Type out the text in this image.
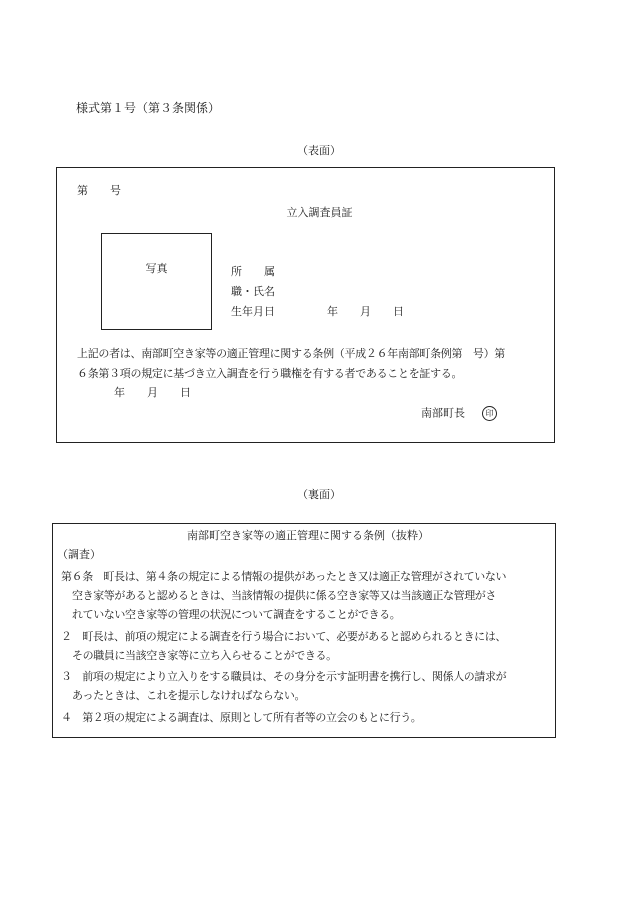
様式第１号（第３条関係）
（表面）
第　　号
立入調査員証
写真	所　　属
職・氏名
生年月日	年　　月　　日
上記の者は、南部町空き家等の適正管理に関する条例（平成２６年南部町条例第　号）第
６条第３項の規定に基づき立入調査を行う職権を有する者であることを証する。
年　　月　　日
南部町長	印
（裏面）
南部町空き家等の適正管理に関する条例（抜粋）
（調査）
第６条　町長は、第４条の規定による情報の提供があったとき又は適正な管理がされていない
空き家等があると認めるときは、当該情報の提供に係る空き家等又は当該適正な管理がさ
れていない空き家等の管理の状況について調査をすることができる。
２　町長は、前項の規定による調査を行う場合において、必要があると認められるときには、
その職員に当該空き家等に立ち入らせることができる。
３　前項の規定により立入りをする職員は、その身分を示す証明書を携行し、関係人の請求が
あったときは、これを提示しなければならない。
４　第２項の規定による調査は、原則として所有者等の立会のもとに行う。
